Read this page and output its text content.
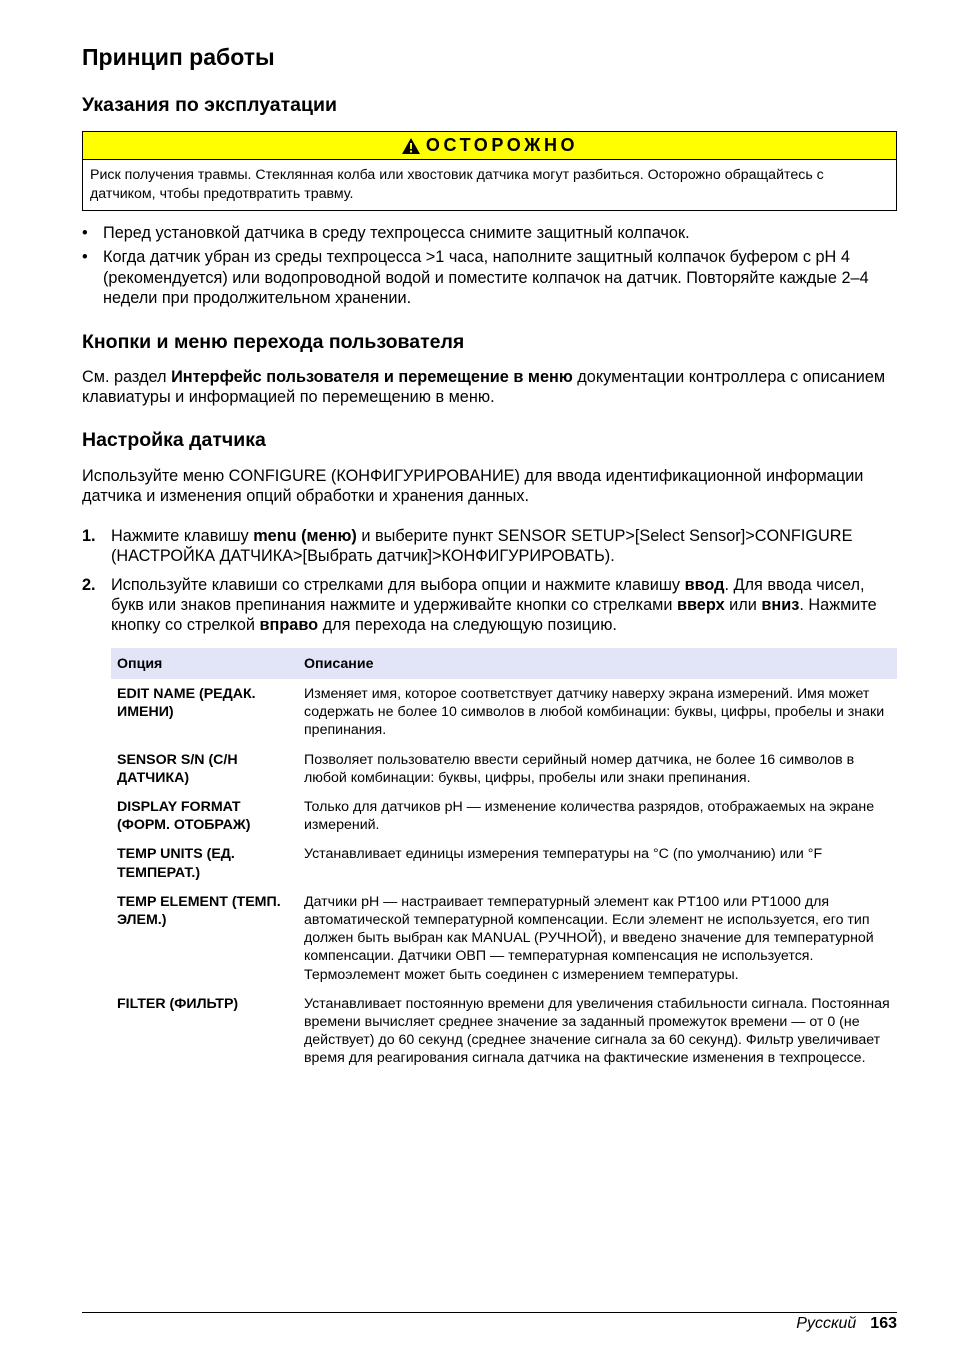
Принцип работы
Указания по эксплуатации
ОСТОРОЖНО
Риск получения травмы. Стеклянная колба или хвостовик датчика могут разбиться. Осторожно обращайтесь с датчиком, чтобы предотвратить травму.
• Перед установкой датчика в среду техпроцесса снимите защитный колпачок.
• Когда датчик убран из среды техпроцесса >1 часа, наполните защитный колпачок буфером с pH 4 (рекомендуется) или водопроводной водой и поместите колпачок на датчик. Повторяйте каждые 2–4 недели при продолжительном хранении.
Кнопки и меню перехода пользователя

См. раздел Интерфейс пользователя и перемещение в меню документации контроллера с описанием клавиатуры и информацией по перемещению в меню.

Настройка датчика

Используйте меню CONFIGURE (КОНФИГУРИРОВАНИЕ) для ввода идентификационной информации датчика и изменения опций обработки и хранения данных.

1. Нажмите клавишу menu (меню) и выберите пункт SENSOR SETUP>[Select Sensor]>CONFIGURE (НАСТРОЙКА ДАТЧИКА>[Выбрать датчик]>КОНФИГУРИРОВАТЬ).
2. Используйте клавиши со стрелками для выбора опции и нажмите клавишу ввод. Для ввода чисел, букв или знаков препинания нажмите и удерживайте кнопки со стрелками вверх или вниз. Нажмите кнопку со стрелкой вправо для перехода на следующую позицию.
Опция	Описание
EDIT NAME (РЕДАК. ИМЕНИ)	Изменяет имя, которое соответствует датчику наверху экрана измерений. Имя может содержать не более 10 символов в любой комбинации: буквы, цифры, пробелы и знаки препинания.
SENSOR S/N (С/Н ДАТЧИКА)	Позволяет пользователю ввести серийный номер датчика, не более 16 символов в любой комбинации: буквы, цифры, пробелы или знаки препинания.
DISPLAY FORMAT (ФОРМ. ОТОБРАЖ)	Только для датчиков pH — изменение количества разрядов, отображаемых на экране измерений.
TEMP UNITS (ЕД. ТЕМПЕРАТ.)	Устанавливает единицы измерения температуры на °C (по умолчанию) или °F
TEMP ELEMENT (ТЕМП. ЭЛЕМ.)	Датчики pH — настраивает температурный элемент как PT100 или PT1000 для автоматической температурной компенсации. Если элемент не используется, его тип должен быть выбран как MANUAL (РУЧНОЙ), и введено значение для температурной компенсации. Датчики ОВП — температурная компенсация не используется. Термоэлемент может быть соединен с измерением температуры.
FILTER (ФИЛЬТР)	Устанавливает постоянную времени для увеличения стабильности сигнала. Постоянная времени вычисляет среднее значение за заданный промежуток времени — от 0 (не действует) до 60 секунд (среднее значение сигнала за 60 секунд). Фильтр увеличивает время для реагирования сигнала датчика на фактические изменения в техпроцессе.
Русский 163
